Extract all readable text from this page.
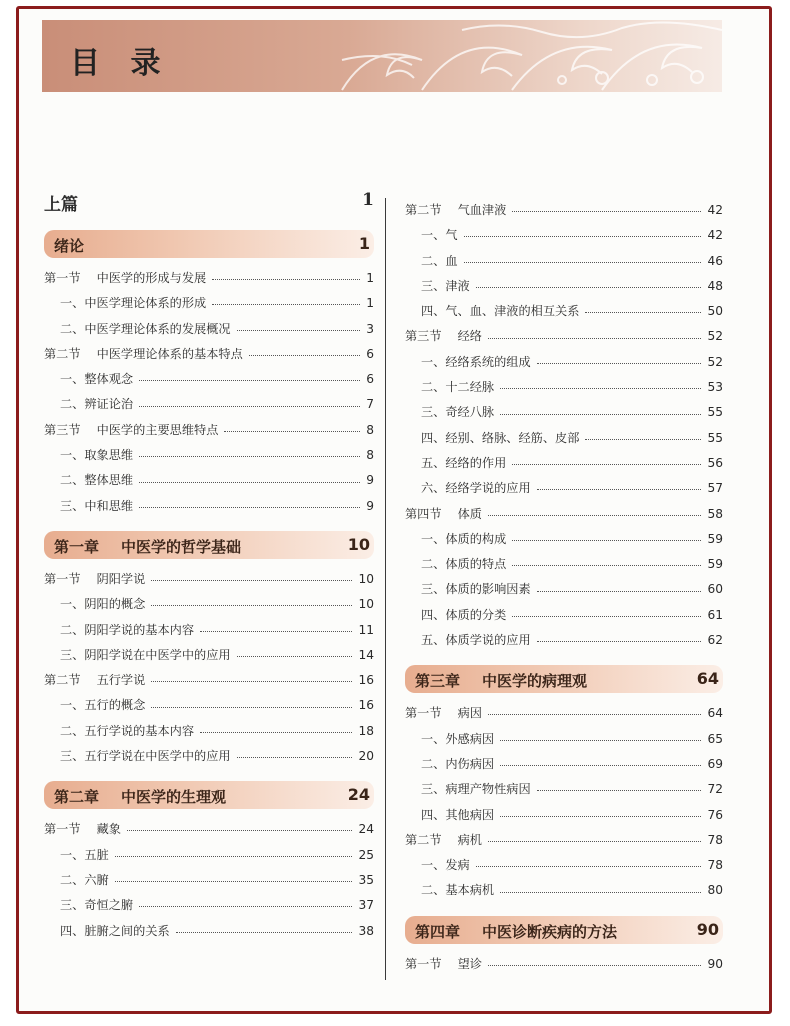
目 录
上篇	1
绪论	1
第一节 中医学的形成与发展	1
一、中医学理论体系的形成	1
二、中医学理论体系的发展概况	3
第二节 中医学理论体系的基本特点	6
一、整体观念	6
二、辨证论治	7
第三节 中医学的主要思维特点	8
一、取象思维	8
二、整体思维	9
三、中和思维	9
第一章 中医学的哲学基础	10
第一节 阴阳学说	10
一、阴阳的概念	10
二、阴阳学说的基本内容	11
三、阴阳学说在中医学中的应用	14
第二节 五行学说	16
一、五行的概念	16
二、五行学说的基本内容	18
三、五行学说在中医学中的应用	20
第二章 中医学的生理观	24
第一节 藏象	24
一、五脏	25
二、六腑	35
三、奇恒之腑	37
四、脏腑之间的关系	38
第二节 气血津液	42
一、气	42
二、血	46
三、津液	48
四、气、血、津液的相互关系	50
第三节 经络	52
一、经络系统的组成	52
二、十二经脉	53
三、奇经八脉	55
四、经别、络脉、经筋、皮部	55
五、经络的作用	56
六、经络学说的应用	57
第四节 体质	58
一、体质的构成	59
二、体质的特点	59
三、体质的影响因素	60
四、体质的分类	61
五、体质学说的应用	62
第三章 中医学的病理观	64
第一节 病因	64
一、外感病因	65
二、内伤病因	69
三、病理产物性病因	72
四、其他病因	76
第二节 病机	78
一、发病	78
二、基本病机	80
第四章 中医诊断疾病的方法	90
第一节 望诊	90
